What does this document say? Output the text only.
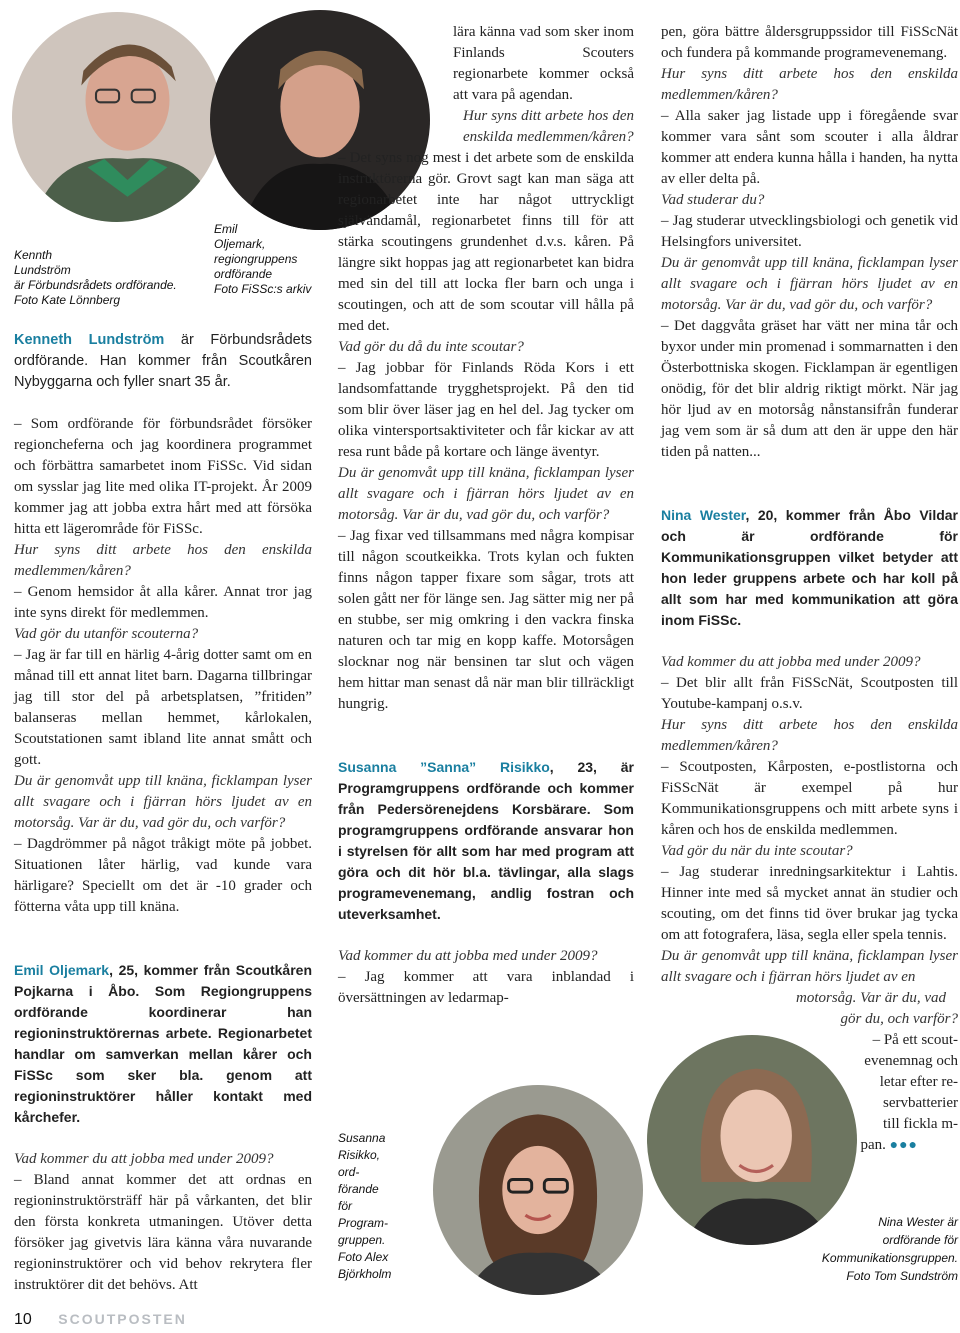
Kennth
Lundström
är Förbundsrådets ordförande.
Foto Kate Lönnberg
Emil
Oljemark,
regiongruppens
ordförande
Foto FiSSc:s arkiv
Susanna
Risikko,
ord-
förande
för
Program-
gruppen.
Foto Alex
Björkholm
Nina Wester är
ordförande för
Kommunikationsgruppen.
Foto Tom Sundström

Kenneth Lundström är Förbundsrådets ordförande. Han kommer från Scoutkåren Nybyggarna och fyller snart 35 år.

– Som ordförande för förbundsrådet försöker regioncheferna och jag koordinera programmet och förbättra samarbetet inom FiSSc. Vid sidan om sysslar jag lite med olika IT-projekt. År 2009 kommer jag att jobba extra hårt med att försöka hitta ett lägerområde för FiSSc.

Hur syns ditt arbete hos den enskilda medlemmen/kåren?

– Genom hemsidor åt alla kårer. Annat tror jag inte syns direkt för medlemmen.

Vad gör du utanför scouterna?

– Jag är far till en härlig 4-årig dotter samt om en månad till ett annat litet barn. Dagarna tillbringar jag till stor del på arbetsplatsen, ”fritiden” balanseras mellan hemmet, kårlokalen, Scoutstationen samt ibland lite annat smått och gott.

Du är genomvåt upp till knäna, ficklampan lyser allt svagare och i fjärran hörs ljudet av en motorsåg. Var är du, vad gör du, och varför?

– Dagdrömmer på något tråkigt möte på jobbet. Situationen låter härlig, vad kunde vara härligare? Speciellt om det är -10 grader och fötterna våta upp till knäna.

Emil Oljemark, 25, kommer från Scoutkåren Pojkarna i Åbo. Som Regiongruppens ordförande koordinerar han regioninstruktörernas arbete. Regionarbetet handlar om samverkan mellan kårer och FiSSc som sker bla. genom att regioninstruktörer håller kontakt med kårchefer.

Vad kommer du att jobba med under 2009?

– Bland annat kommer det att ordnas en regioninstruktörsträff här på vårkanten, det blir den första konkreta utmaningen. Utöver detta försöker jag givetvis lära känna våra nuvarande regioninstruktörer och vid behov rekrytera fler instruktörer dit det behövs. Att

lära känna vad som sker inom Finlands Scouters regionarbete kommer också att vara på agendan.

Hur syns ditt arbete hos den enskilda medlemmen/kåren?

– Det syns nog mest i det arbete som de enskilda instruktörerna gör. Grovt sagt kan man säga att regionarbetet inte har något uttryckligt självändamål, regionarbetet finns till för att stärka scoutingens grundenhet d.v.s. kåren. På längre sikt hoppas jag att regionarbetet kan bidra med sin del till att locka fler barn och unga i scoutingen, och att de som scoutar vill hålla på med det.

Vad gör du då du inte scoutar?

– Jag jobbar för Finlands Röda Kors i ett landsomfattande trygghetsprojekt. På den tid som blir över läser jag en hel del. Jag tycker om olika vintersportsaktiviteter och får kickar av att resa runt både på kortare och länge äventyr.

Du är genomvåt upp till knäna, ficklampan lyser allt svagare och i fjärran hörs ljudet av en motorsåg. Var är du, vad gör du, och varför?

– Jag fixar ved tillsammans med några kompisar till någon scoutkeikka. Trots kylan och fukten finns någon tapper fixare som sågar, trots att solen gått ner för länge sen. Jag sätter mig ner på en stubbe, ser mig omkring i den vackra finska naturen och tar mig en kopp kaffe. Motorsågen slocknar nog när bensinen tar slut och vägen hem hittar man senast då när man blir tillräckligt hungrig.

Susanna ”Sanna” Risikko, 23, är Programgruppens ordförande och kommer från Pedersörenejdens Korsbärare. Som programgruppens ordförande ansvarar hon i styrelsen för allt som har med program att göra och dit hör bl.a. tävlingar, alla slags programevenemang, andlig fostran och uteverksamhet.

Vad kommer du att jobba med under 2009?

– Jag kommer att vara inblandad i översättningen av ledarmap-

pen, göra bättre åldersgruppssidor till FiSScNät och fundera på kommande programevenemang.

Hur syns ditt arbete hos den enskilda medlemmen/kåren?

– Alla saker jag listade upp i föregående svar kommer vara sånt som scouter i alla åldrar kommer att endera kunna hålla i handen, ha nytta av eller delta på.

Vad studerar du?

– Jag studerar utvecklingsbiologi och genetik vid Helsingfors universitet.

Du är genomvåt upp till knäna, ficklampan lyser allt svagare och i fjärran hörs ljudet av en motorsåg. Var är du, vad gör du, och varför?

– Det daggvåta gräset har vätt ner mina tår och byxor under min promenad i sommarnatten i den Österbottniska skogen. Ficklampan är egentligen onödig, för det blir aldrig riktigt mörkt. När jag hör ljud av en motorsåg nånstansifrån funderar jag vem som är så dum att den är uppe den här tiden på natten...

Nina Wester, 20, kommer från Åbo Vildar och är ordförande för Kommunikationsgruppen vilket betyder att hon leder gruppens arbete och har koll på allt som har med kommunikation att göra inom FiSSc.

Vad kommer du att jobba med under 2009?

– Det blir allt från FiSScNät, Scoutposten till Youtube-kampanj o.s.v.

Hur syns ditt arbete hos den enskilda medlemmen/kåren?

– Scoutposten, Kårposten, e-postlistorna och FiSScNät är exempel på hur Kommunikationsgruppens och mitt arbete syns i kåren och hos de enskilda medlemmen.

Vad gör du när du inte scoutar?

– Jag studerar inredningsarkitektur i Lahtis. Hinner inte med så mycket annat än studier och scouting, om det finns tid över brukar jag tycka om att fotografera, läsa, segla eller spela tennis.

Du är genomvåt upp till knäna, ficklampan lyser allt svagare och i fjärran hörs ljudet av en

motorsåg. Var är du, vad

gör du, och varför?

– På ett scout-
evenemnag och
letar efter re-
servbatterier
till fickla m-
pan. ●●●
10 SCOUTPOSTEN
